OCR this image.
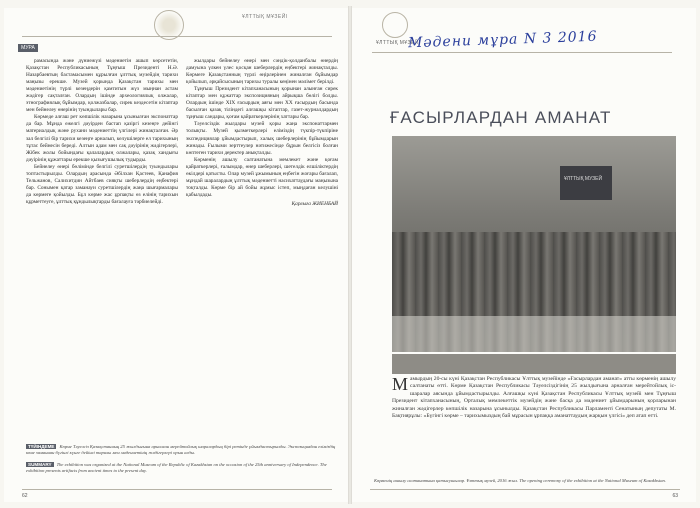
ҰЛТТЫҚ МҰЗЕЙІ
МУРА

рамасында және дүниежүзі мәдениетін ашып көрсететін, Қазақстан Республикасының Тұңғыш Президенті Н.Ә. Назарбаевтың бастамасымен құрылған ұлттық музейдің тарихи маңызы ерекше. Музей қорында Қазақстан тарихы мен мәдениетінің түрлі кезеңдерін қамтитын жүз мыңнан астам жәдігер сақталған. Олардың ішінде археологиялық олжалар, этнографиялық бұйымдар, қолжазбалар, сирек кездесетін кітаптар мен бейнелеу өнерінің туындылары бар.

Көрмеде алғаш рет көпшілік назарына ұсынылған экспонаттар да бар. Мұнда ежелгі дәуірден бастап қазіргі кезеңге дейінгі материалдық және рухани мәдениеттің үлгілері жинақталған. Әр зал белгілі бір тарихи кезеңге арналып, келушілерге ел тарихының тұтас бейнесін береді. Алтын адам мен сақ дәуірінің жәдігерлері, Жібек жолы бойындағы қалалардың олжалары, қазақ хандығы дәуірінің құжаттары ерекше қызығушылық тудырды.

Бейнелеу өнері бөлімінде белгілі суретшілердің туындылары топтастырылды. Олардың арасында Әбілхан Қастеев, Қанафия Тельжанов, Салихитдин Айтбаев сияқты шеберлердің еңбектері бар. Сонымен қатар заманауи суретшілердің жаңа шығармалары да көрмеге қойылды. Бұл көрме жас ұрпақты өз елінің тарихын құрметтеуге, ұлттық құндылықтарды бағалауға тәрбиелейді.

жылдары бейнелеу өнері мен сәндік-қолданбалы өнердің дамуына үлкен үлес қосқан шеберлердің еңбектері жинақталды. Көрмеге Қазақстанның түрлі өңірлерінен жиналған бұйымдар қойылып, әрқайсысының тарихы туралы кеңінен мәлімет берілді.

Тұңғыш Президент кітапханасының қорынан алынған сирек кітаптар мен құжаттар экспозицияның айрықша бөлігі болды. Олардың ішінде ХІХ ғасырдың аяғы мен ХХ ғасырдың басында басылған қазақ тіліндегі алғашқы кітаптар, газет-журналдардың тұңғыш сандары, қоғам қайраткерлерінің хаттары бар.

Тәуелсіздік жылдары музей қоры жаңа экспонаттармен толықты. Музей қызметкерлері еліміздің түкпір-түкпіріне экспедициялар ұйымдастырып, халық шеберлерінің бұйымдарын жинады. Ғылыми зерттеулер нәтижесінде бұрын белгісіз болған көптеген тарихи деректер анықталды.

Көрменің ашылу салтанатына мемлекет және қоғам қайраткерлері, ғалымдар, өнер шеберлері, шетелдік елшіліктердің өкілдері қатысты. Олар музей ұжымының еңбегін жоғары бағалап, мұндай шаралардың ұлттық мәдениетті насихаттаудағы маңызына тоқталды. Көрме бір ай бойы жұмыс істеп, мыңдаған келушіні қабылдады.

Қарлыға ЖИЕНБАЙ
ТҮЙІНДЕМЕ Көрме Тәуелсіз Қазақстанның 25 жылдығына арналған мерейтойлық шаралардың бірі ретінде ұйымдастырылды. Экспозициядан еліміздің көне заманнан бүгінгі күнге дейінгі тарихы мен мәдениетінің жәдігерлері орын алды.
SUMMARY The exhibition was organized at the National Museum of the Republic of Kazakhstan on the occasion of the 25th anniversary of Independence. The exhibition presents artifacts from ancient times to the present day.
62
ҰЛТТЫҚ МҰЗЕЙІ
Мәдени мұра N 3 2016
ҒАСЫРЛАРДАН АМАНАТ
ҰЛТТЫҚ МУЗЕЙ
Мамырдың 20-сы күні Қазақстан Республикасы Ұлттық музейінде «Ғасырлардан аманат» атты көрменің ашылу салтанаты өтті. Көрме Қазақстан Республикасы Тәуелсіздігінің 25 жылдығына арналған мерейтойлық іс-шаралар аясында ұйымдастырылды. Алғашқы күні Қазақстан Республикасы Ұлттық музейі мен Тұңғыш Президент кітапханасының, Орталық мемлекеттік музейдің және басқа да мәдениет ұйымдарының қорларынан жиналған жәдігерлер көпшілік назарына ұсынылды. Қазақстан Республикасы Парламенті Сенатының депутаты М. Бақтиярұлы: «Бүгінгі көрме – тарихымыздың бай мұрасын ұрпаққа аманаттаудың жарқын үлгісі» деп атап өтті.
Көрменің ашылу салтанатына қатысушылар. Ұлттық музей, 2016 жыл. The opening ceremony of the exhibition at the National Museum of Kazakhstan.
63
